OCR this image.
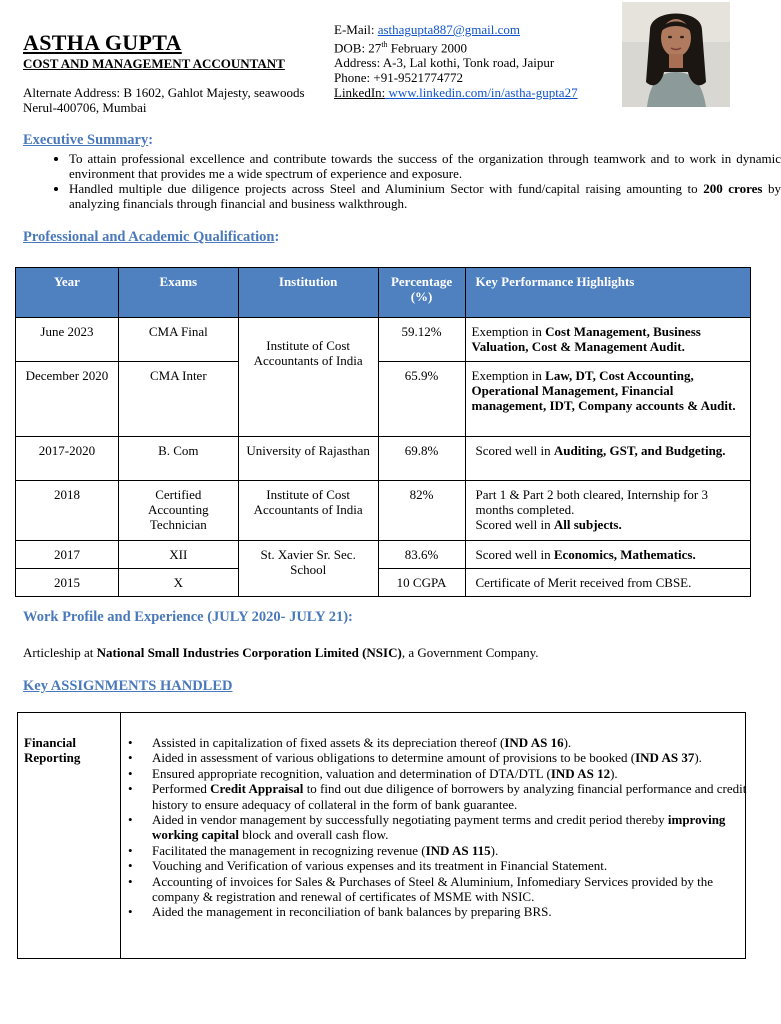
ASTHA GUPTA
COST AND MANAGEMENT ACCOUNTANT
Alternate Address: B 1602, Gahlot Majesty, seawoods Nerul-400706, Mumbai
E-Mail: asthagupta887@gmail.com
DOB: 27th February 2000
Address: A-3, Lal kothi, Tonk road, Jaipur
Phone: +91-9521774772
LinkedIn: www.linkedin.com/in/astha-gupta27
Executive Summary:
• To attain professional excellence and contribute towards the success of the organization through teamwork and to work in dynamic environment that provides me a wide spectrum of experience and exposure.
• Handled multiple due diligence projects across Steel and Aluminium Sector with fund/capital raising amounting to 200 crores by analyzing financials through financial and business walkthrough.
Professional and Academic Qualification:
Year	Exams	Institution	Percentage (%)	Key Performance Highlights
June 2023	CMA Final	Institute of Cost Accountants of India	59.12%	Exemption in Cost Management, Business Valuation, Cost & Management Audit.
December 2020	CMA Inter		65.9%	Exemption in Law, DT, Cost Accounting, Operational Management, Financial management, IDT, Company accounts & Audit.
2017-2020	B. Com	University of Rajasthan	69.8%	Scored well in Auditing, GST, and Budgeting.
2018	Certified Accounting Technician	Institute of Cost Accountants of India	82%	Part 1 & Part 2 both cleared, Internship for 3 months completed.
Scored well in All subjects.
2017	XII	St. Xavier Sr. Sec. School	83.6%	Scored well in Economics, Mathematics.
2015	X		10 CGPA	Certificate of Merit received from CBSE.
Work Profile and Experience (JULY 2020- JULY 21):
Articleship at National Small Industries Corporation Limited (NSIC), a Government Company.
Key ASSIGNMENTS HANDLED
Financial Reporting
• Assisted in capitalization of fixed assets & its depreciation thereof (IND AS 16).
• Aided in assessment of various obligations to determine amount of provisions to be booked (IND AS 37).
• Ensured appropriate recognition, valuation and determination of DTA/DTL (IND AS 12).
• Performed Credit Appraisal to find out due diligence of borrowers by analyzing financial performance and credit history to ensure adequacy of collateral in the form of bank guarantee.
• Aided in vendor management by successfully negotiating payment terms and credit period thereby improving working capital block and overall cash flow.
• Facilitated the management in recognizing revenue (IND AS 115).
• Vouching and Verification of various expenses and its treatment in Financial Statement.
• Accounting of invoices for Sales & Purchases of Steel & Aluminium, Infomediary Services provided by the company & registration and renewal of certificates of MSME with NSIC.
• Aided the management in reconciliation of bank balances by preparing BRS.
